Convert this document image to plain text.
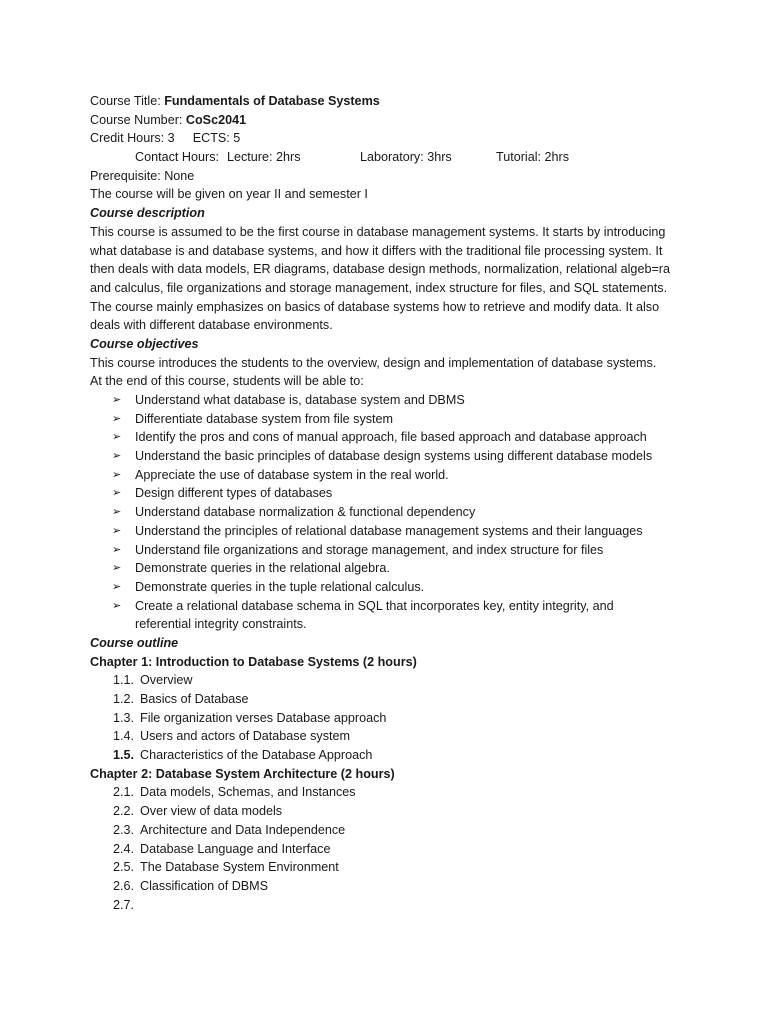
Course Title: Fundamentals of Database Systems
Course Number: CoSc2041
Credit Hours: 3 ECTS: 5
Contact Hours: Lecture: 2hrs	Laboratory: 3hrs	Tutorial: 2hrs
Prerequisite: None
The course will be given on year II and semester I
Course description
This course is assumed to be the first course in database management systems. It starts by introducing
what database is and database systems, and how it differs with the traditional file processing system. It
then deals with data models, ER diagrams, database design methods, normalization, relational algeb=ra
and calculus, file organizations and storage management, index structure for files, and SQL statements.
The course mainly emphasizes on basics of database systems how to retrieve and modify data. It also
deals with different database environments.
Course objectives
This course introduces the students to the overview, design and implementation of database systems.
At the end of this course, students will be able to:
➢ Understand what database is, database system and DBMS
➢ Differentiate database system from file system
➢ Identify the pros and cons of manual approach, file based approach and database approach
➢ Understand the basic principles of database design systems using different database models
➢ Appreciate the use of database system in the real world.
➢ Design different types of databases
➢ Understand database normalization & functional dependency
➢ Understand the principles of relational database management systems and their languages
➢ Understand file organizations and storage management, and index structure for files
➢ Demonstrate queries in the relational algebra.
➢ Demonstrate queries in the tuple relational calculus.
➢ Create a relational database schema in SQL that incorporates key, entity integrity, and
referential integrity constraints.
Course outline
Chapter 1: Introduction to Database Systems (2 hours)
1.1. Overview
1.2. Basics of Database
1.3. File organization verses Database approach
1.4. Users and actors of Database system
1.5. Characteristics of the Database Approach
Chapter 2: Database System Architecture (2 hours)
2.1. Data models, Schemas, and Instances
2.2. Over view of data models
2.3. Architecture and Data Independence
2.4. Database Language and Interface
2.5. The Database System Environment
2.6. Classification of DBMS
2.7.
